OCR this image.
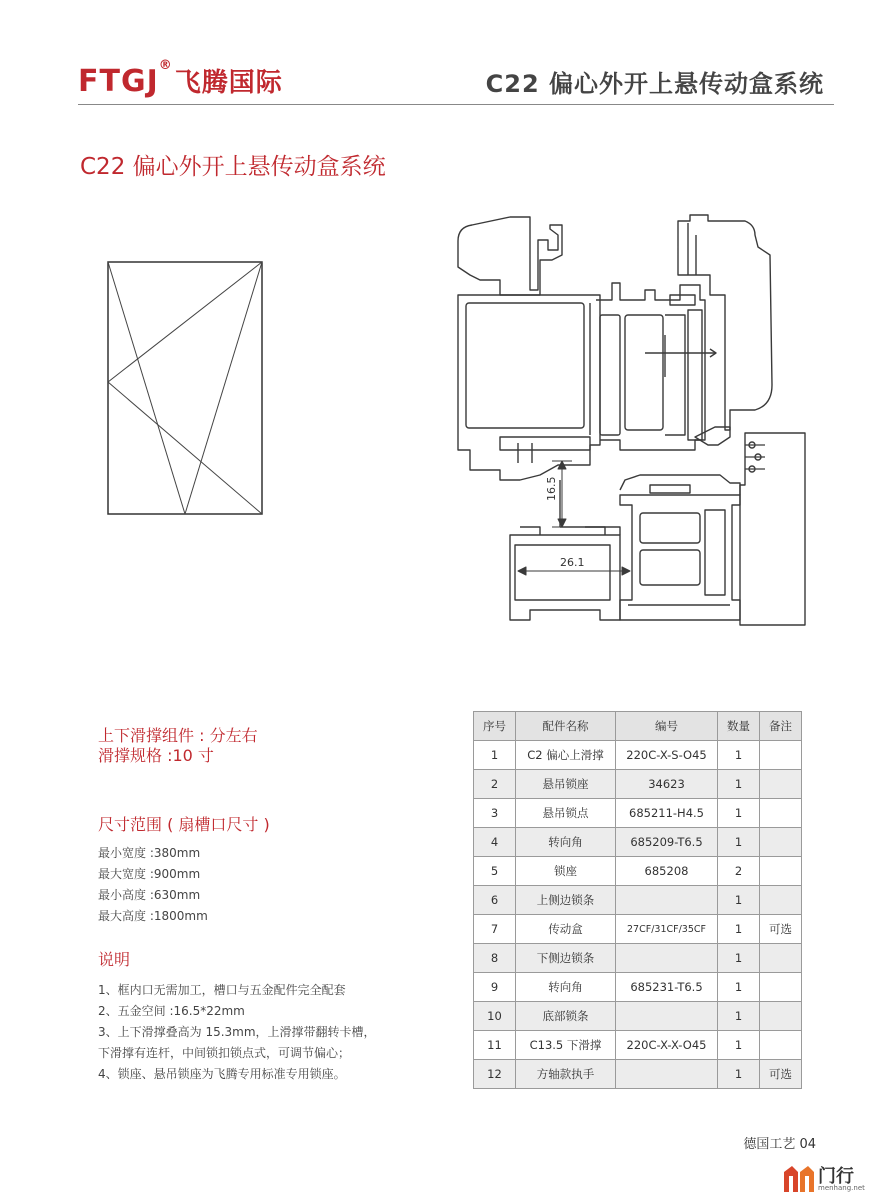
FTGJ®飞腾国际	C22 偏心外开上悬传动盒系统
C22 偏心外开上悬传动盒系统
16.5
26.1
上下滑撑组件 : 分左右
滑撑规格 :10 寸
尺寸范围 ( 扇槽口尺寸 )
最小宽度 :380mm
最大宽度 :900mm
最小高度 :630mm
最大高度 :1800mm
说明
1、框内口无需加工，槽口与五金配件完全配套
2、五金空间 :16.5*22mm
3、上下滑撑叠高为 15.3mm，上滑撑带翻转卡槽，
下滑撑有连杆，中间锁扣锁点式，可调节偏心；
4、锁座、悬吊锁座为飞腾专用标准专用锁座。
序号	配件名称	编号	数量	备注
1	C2 偏心上滑撑	220C-X-S-O45	1	
2	悬吊锁座	34623	1	
3	悬吊锁点	685211-H4.5	1	
4	转向角	685209-T6.5	1	
5	锁座	685208	2	
6	上侧边锁条		1	
7	传动盒	27CF/31CF/35CF	1	可选
8	下侧边锁条		1	
9	转向角	685231-T6.5	1	
10	底部锁条		1	
11	C13.5 下滑撑	220C-X-X-O45	1	
12	方轴款执手		1	可选
德国工艺 04
门行
menhang.net
